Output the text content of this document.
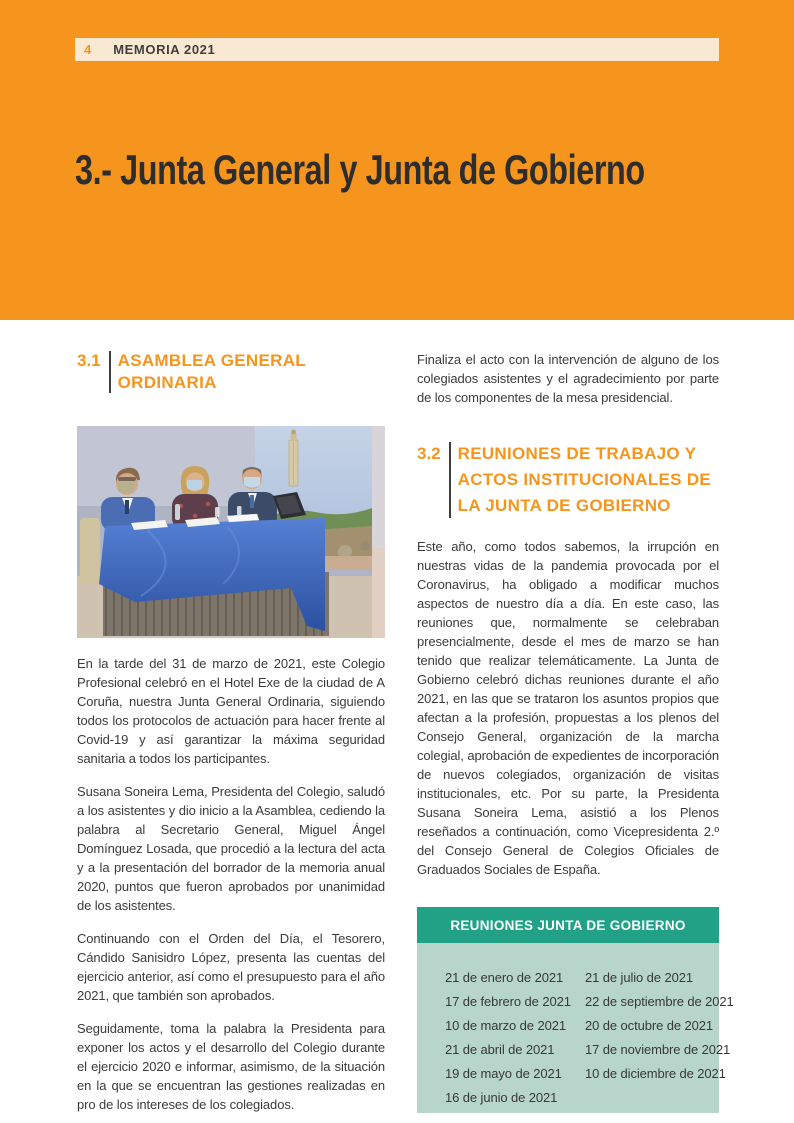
4 MEMORIA 2021
3.- Junta General y Junta de Gobierno
3.1 ASAMBLEA GENERAL ORDINARIA

En la tarde del 31 de marzo de 2021, este Colegio Profesional celebró en el Hotel Exe de la ciudad de A Coruña, nuestra Junta General Ordinaria, siguiendo todos los protocolos de actuación para hacer frente al Covid-19 y así garantizar la máxima seguridad sanitaria a todos los participantes.

Susana Soneira Lema, Presidenta del Colegio, saludó a los asistentes y dio inicio a la Asamblea, cediendo la palabra al Secretario General, Miguel Ángel Domínguez Losada, que procedió a la lectura del acta y a la presentación del borrador de la memoria anual 2020, puntos que fueron aprobados por unanimidad de los asistentes.

Continuando con el Orden del Día, el Tesorero, Cándido Sanisidro López, presenta las cuentas del ejercicio anterior, así como el presupuesto para el año 2021, que también son aprobados.

Seguidamente, toma la palabra la Presidenta para exponer los actos y el desarrollo del Colegio durante el ejercicio 2020 e informar, asimismo, de la situación en la que se encuentran las gestiones realizadas en pro de los intereses de los colegiados.

Finaliza el acto con la intervención de alguno de los colegiados asistentes y el agradecimiento por parte de los componentes de la mesa presidencial.

3.2 REUNIONES DE TRABAJO Y ACTOS INSTITUCIONALES DE LA JUNTA DE GOBIERNO

Este año, como todos sabemos, la irrupción en nuestras vidas de la pandemia provocada por el Coronavirus, ha obligado a modificar muchos aspectos de nuestro día a día. En este caso, las reuniones que, normalmente se celebraban presencialmente, desde el mes de marzo se han tenido que realizar telemáticamente. La Junta de Gobierno celebró dichas reuniones durante el año 2021, en las que se trataron los asuntos propios que afectan a la profesión, propuestas a los plenos del Consejo General, organización de la marcha colegial, aprobación de expedientes de incorporación de nuevos colegiados, organización de visitas institucionales, etc. Por su parte, la Presidenta Susana Soneira Lema, asistió a los Plenos reseñados a continuación, como Vicepresidenta 2.º del Consejo General de Colegios Oficiales de Graduados Sociales de España.

REUNIONES JUNTA DE GOBIERNO
21 de enero de 2021
17 de febrero de 2021
10 de marzo de 2021
21 de abril de 2021
19 de mayo de 2021
16 de junio de 2021
21 de julio de 2021
22 de septiembre de 2021
20 de octubre de 2021
17 de noviembre de 2021
10 de diciembre de 2021
